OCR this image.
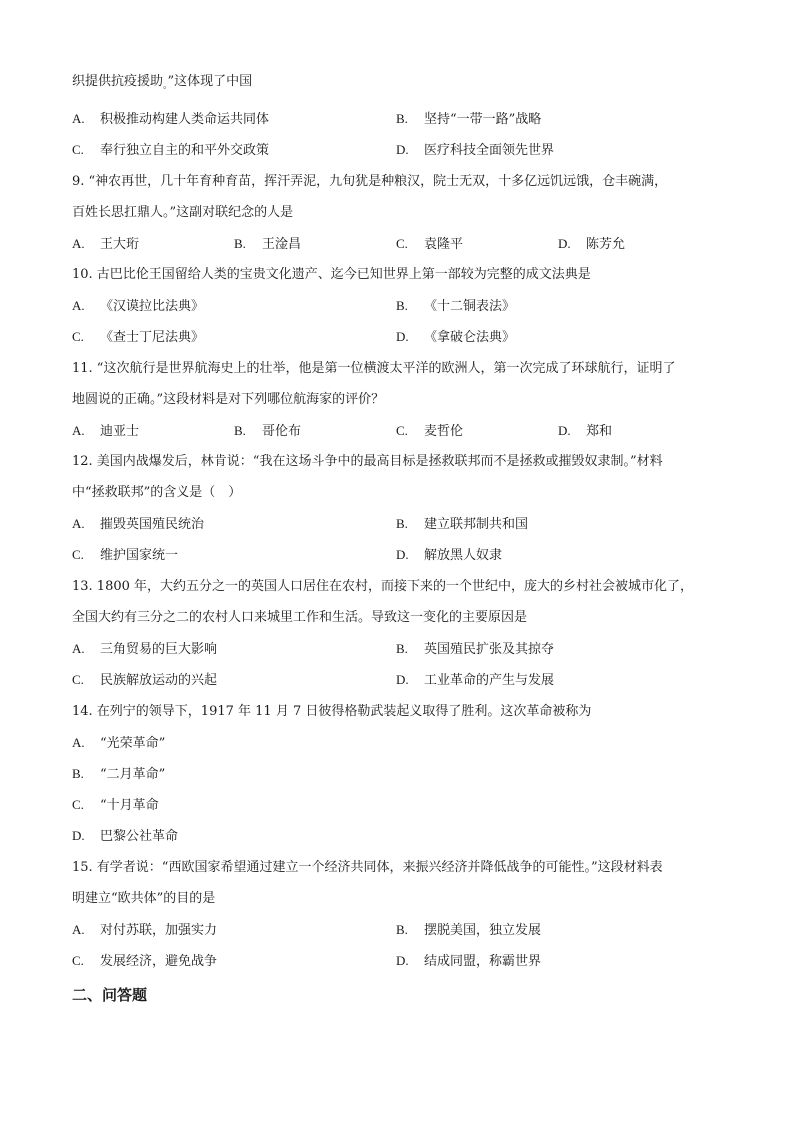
织提供抗疫援助$_。$”这体现了中国
A. 积极推动构建人类命运共同体	B. 坚持“一带一路”战略
C. 奉行独立自主的和平外交政策	D. 医疗科技全面领先世界
9. “神农再世，几十年育种育苗，挥汗弄泥，九旬犹是种粮汉，院士无双，十多亿远饥远饿，仓丰碗满，
百姓长思扛鼎人。”这副对联纪念的人是
A. 王大珩	B. 王淦昌	C. 袁隆平	D. 陈芳允
10. 古巴比伦王国留给人类的宝贵文化遗产、迄今已知世界上第一部较为完整的成文法典是
A. 《汉谟拉比法典》	B. 《十二铜表法》
C. 《查士丁尼法典》	D. 《拿破仑法典》
11. “这次航行是世界航海史上的壮举，他是第一位横渡太平洋的欧洲人，第一次完成了环球航行，证明了
地圆说的正确。”这段材料是对下列哪位航海家的评价？
A. 迪亚士	B. 哥伦布	C. 麦哲伦	D. 郑和
12. 美国内战爆发后，林肯说：“我在这场斗争中的最高目标是拯救联邦而不是拯救或摧毁奴隶制。”材料
中“拯救联邦”的含义是（　）
A. 摧毁英国殖民统治	B. 建立联邦制共和国
C. 维护国家统一	D. 解放黑人奴隶
13. 1800 年，大约五分之一的英国人口居住在农村，而接下来的一个世纪中，庞大的乡村社会被城市化了，
全国大约有三分之二的农村人口来城里工作和生活。导致这一变化的主要原因是
A. 三角贸易的巨大影响	B. 英国殖民扩张及其掠夺
C. 民族解放运动的兴起	D. 工业革命的产生与发展
14. 在列宁的领导下，1917 年 11 月 7 日彼得格勒武装起义取得了胜利。这次革命被称为
A. “光荣革命”
B. “二月革命”
C. “十月革命
D. 巴黎公社革命
15. 有学者说：“西欧国家希望通过建立一个经济共同体，来振兴经济并降低战争的可能性。”这段材料表
明建立“欧共体”的目的是
A. 对付苏联，加强实力	B. 摆脱美国，独立发展
C. 发展经济，避免战争	D. 结成同盟，称霸世界
二、问答题
